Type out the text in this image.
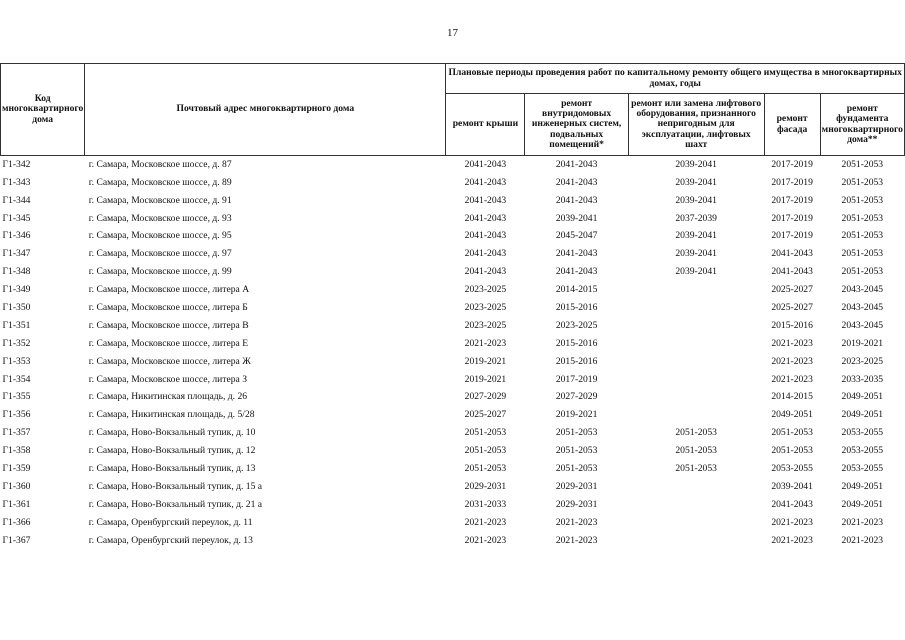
17
Код многоквартирного дома	Почтовый адрес многоквартирного дома	Плановые периоды проведения работ по капитальному ремонту общего имущества в многоквартирных домах, годы				
		ремонт крыши	ремонт внутридомовых инженерных систем, подвальных помещений*	ремонт или замена лифтового оборудования, признанного непригодным для эксплуатации, лифтовых шахт	ремонт фасада	ремонт фундамента многоквартирного дома**
Г1-342	г. Самара, Московское шоссе, д. 87	2041-2043	2041-2043	2039-2041	2017-2019	2051-2053
Г1-343	г. Самара, Московское шоссе, д. 89	2041-2043	2041-2043	2039-2041	2017-2019	2051-2053
Г1-344	г. Самара, Московское шоссе, д. 91	2041-2043	2041-2043	2039-2041	2017-2019	2051-2053
Г1-345	г. Самара, Московское шоссе, д. 93	2041-2043	2039-2041	2037-2039	2017-2019	2051-2053
Г1-346	г. Самара, Московское шоссе, д. 95	2041-2043	2045-2047	2039-2041	2017-2019	2051-2053
Г1-347	г. Самара, Московское шоссе, д. 97	2041-2043	2041-2043	2039-2041	2041-2043	2051-2053
Г1-348	г. Самара, Московское шоссе, д. 99	2041-2043	2041-2043	2039-2041	2041-2043	2051-2053
Г1-349	г. Самара, Московское шоссе, литера А	2023-2025	2014-2015		2025-2027	2043-2045
Г1-350	г. Самара, Московское шоссе, литера Б	2023-2025	2015-2016		2025-2027	2043-2045
Г1-351	г. Самара, Московское шоссе, литера В	2023-2025	2023-2025		2015-2016	2043-2045
Г1-352	г. Самара, Московское шоссе, литера Е	2021-2023	2015-2016		2021-2023	2019-2021
Г1-353	г. Самара, Московское шоссе, литера Ж	2019-2021	2015-2016		2021-2023	2023-2025
Г1-354	г. Самара, Московское шоссе, литера З	2019-2021	2017-2019		2021-2023	2033-2035
Г1-355	г. Самара, Никитинская площадь, д. 26	2027-2029	2027-2029		2014-2015	2049-2051
Г1-356	г. Самара, Никитинская площадь, д. 5/28	2025-2027	2019-2021		2049-2051	2049-2051
Г1-357	г. Самара, Ново-Вокзальный тупик, д. 10	2051-2053	2051-2053	2051-2053	2051-2053	2053-2055
Г1-358	г. Самара, Ново-Вокзальный тупик, д. 12	2051-2053	2051-2053	2051-2053	2051-2053	2053-2055
Г1-359	г. Самара, Ново-Вокзальный тупик, д. 13	2051-2053	2051-2053	2051-2053	2053-2055	2053-2055
Г1-360	г. Самара, Ново-Вокзальный тупик, д. 15 а	2029-2031	2029-2031		2039-2041	2049-2051
Г1-361	г. Самара, Ново-Вокзальный тупик, д. 21 а	2031-2033	2029-2031		2041-2043	2049-2051
Г1-366	г. Самара, Оренбургский переулок, д. 11	2021-2023	2021-2023		2021-2023	2021-2023
Г1-367	г. Самара, Оренбургский переулок, д. 13	2021-2023	2021-2023		2021-2023	2021-2023
